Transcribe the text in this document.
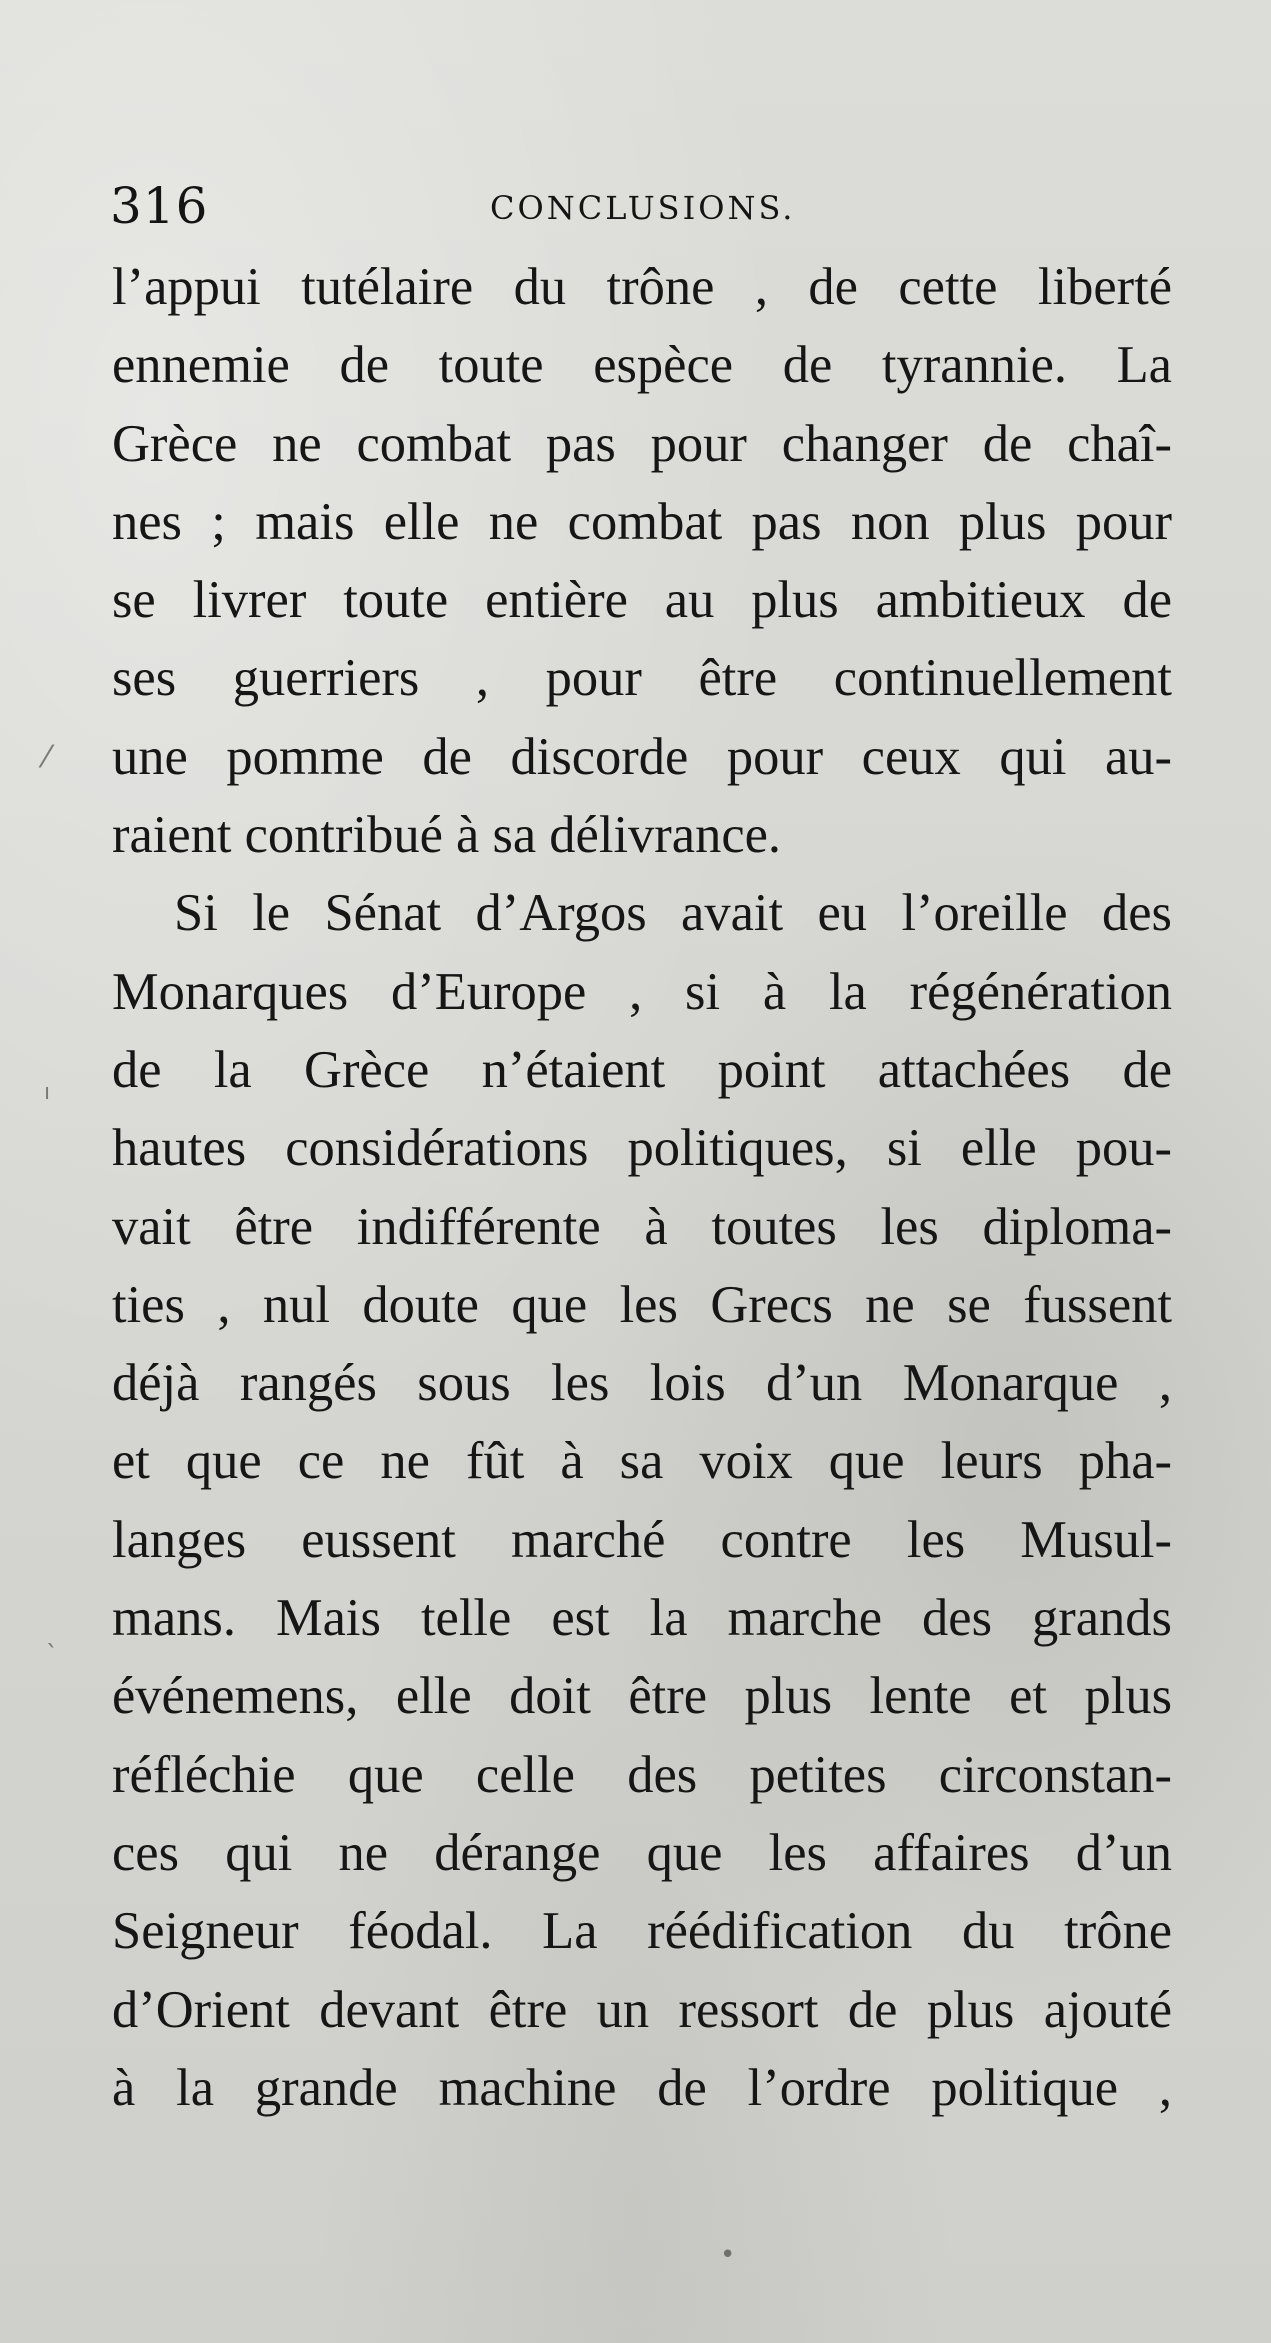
316	CONCLUSIONS.
l’appui tutélaire du trône , de cette liberté
ennemie de toute espèce de tyrannie. La
Grèce ne combat pas pour changer de chaî-
nes ; mais elle ne combat pas non plus pour
se livrer toute entière au plus ambitieux de
ses guerriers , pour être continuellement
une pomme de discorde pour ceux qui au-
raient contribué à sa délivrance.
Si le Sénat d’Argos avait eu l’oreille des
Monarques d’Europe , si à la régénération
de la Grèce n’étaient point attachées de
hautes considérations politiques, si elle pou-
vait être indifférente à toutes les diploma-
ties , nul doute que les Grecs ne se fussent
déjà rangés sous les lois d’un Monarque ,
et que ce ne fût à sa voix que leurs pha-
langes eussent marché contre les Musul-
mans. Mais telle est la marche des grands
événemens, elle doit être plus lente et plus
réfléchie que celle des petites circonstan-
ces qui ne dérange que les affaires d’un
Seigneur féodal. La réédification du trône
d’Orient devant être un ressort de plus ajouté
à la grande machine de l’ordre politique ,
⁄
ı
ˎ
•
